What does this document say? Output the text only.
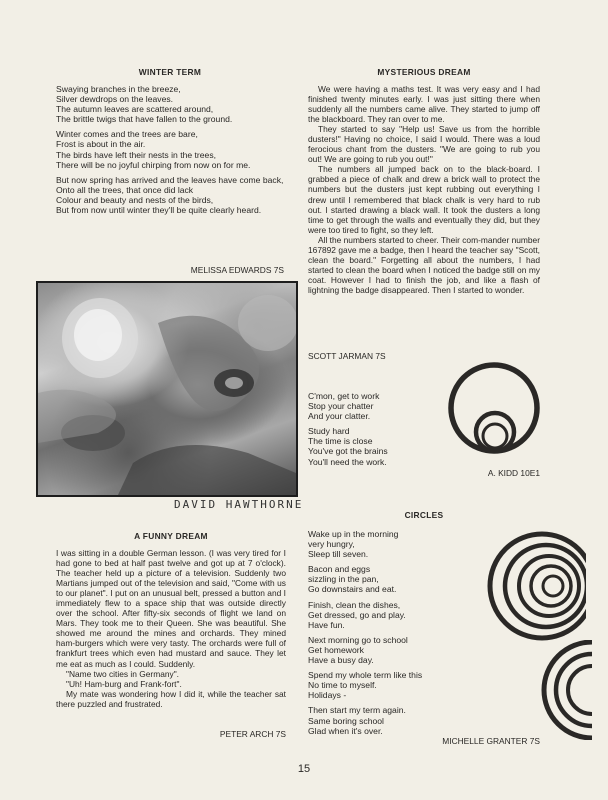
WINTER TERM
Swaying branches in the breeze,
Silver dewdrops on the leaves.
The autumn leaves are scattered around,
The brittle twigs that have fallen to the ground.
Winter comes and the trees are bare,
Frost is about in the air.
The birds have left their nests in the trees,
There will be no joyful chirping from now on for me.
But now spring has arrived and the leaves have come back,
Onto all the trees, that once did lack
Colour and beauty and nests of the birds,
But from now until winter they'll be quite clearly heard.
MELISSA EDWARDS 7S
DAVID HAWTHORNE
A FUNNY DREAM

I was sitting in a double German lesson. (I was very tired for I had gone to bed at half past twelve and got up at 7 o'clock). The teacher held up a picture of a television. Suddenly two Martians jumped out of the television and said, "Come with us to our planet". I put on an unusual belt, pressed a button and I immediately flew to a space ship that was outside directly over the school. After fifty-six seconds of flight we land on Mars. They took me to their Queen. She was beautiful. She showed me around the mines and orchards. They mined ham-burgers which were very tasty. The orchards were full of frankfurt trees which even had mustard and sauce. They let me eat as much as I could. Suddenly.

"Name two cities in Germany".

"Uh! Ham-burg and Frank-fort".

My mate was wondering how I did it, while the teacher sat there puzzled and frustrated.

PETER ARCH 7S
MYSTERIOUS DREAM

We were having a maths test. It was very easy and I had finished twenty minutes early. I was just sitting there when suddenly all the numbers came alive. They started to jump off the blackboard. They ran over to me.

They started to say "Help us! Save us from the horrible dusters!" Having no choice, I said I would. There was a loud ferocious chant from the dusters. "We are going to rub you out! We are going to rub you out!"

The numbers all jumped back on to the black-board. I grabbed a piece of chalk and drew a brick wall to protect the numbers but the dusters just kept rubbing out everything I drew until I remembered that black chalk is very hard to rub out. I started drawing a black wall. It took the dusters a long time to get through the walls and eventually they did, but they were too tired to fight, so they left.

All the numbers started to cheer. Their com-mander number 167892 gave me a badge, then I heard the teacher say "Scott, clean the board." Forgetting all about the numbers, I had started to clean the board when I noticed the badge still on my coat. However I had to finish the job, and like a flash of lightning the badge disappeared. Then I started to wonder.

SCOTT JARMAN 7S
C'mon, get to work
Stop your chatter
And your clatter.
Study hard
The time is close
You've got the brains
You'll need the work.
A. KIDD 10E1
CIRCLES
Wake up in the morning
very hungry,
Sleep till seven.
Bacon and eggs
sizzling in the pan,
Go downstairs and eat.
Finish, clean the dishes,
Get dressed, go and play.
Have fun.
Next morning go to school
Get homework
Have a busy day.
Spend my whole term like this
No time to myself.
Holidays -
Then start my term again.
Same boring school
Glad when it's over.
MICHELLE GRANTER 7S
15
